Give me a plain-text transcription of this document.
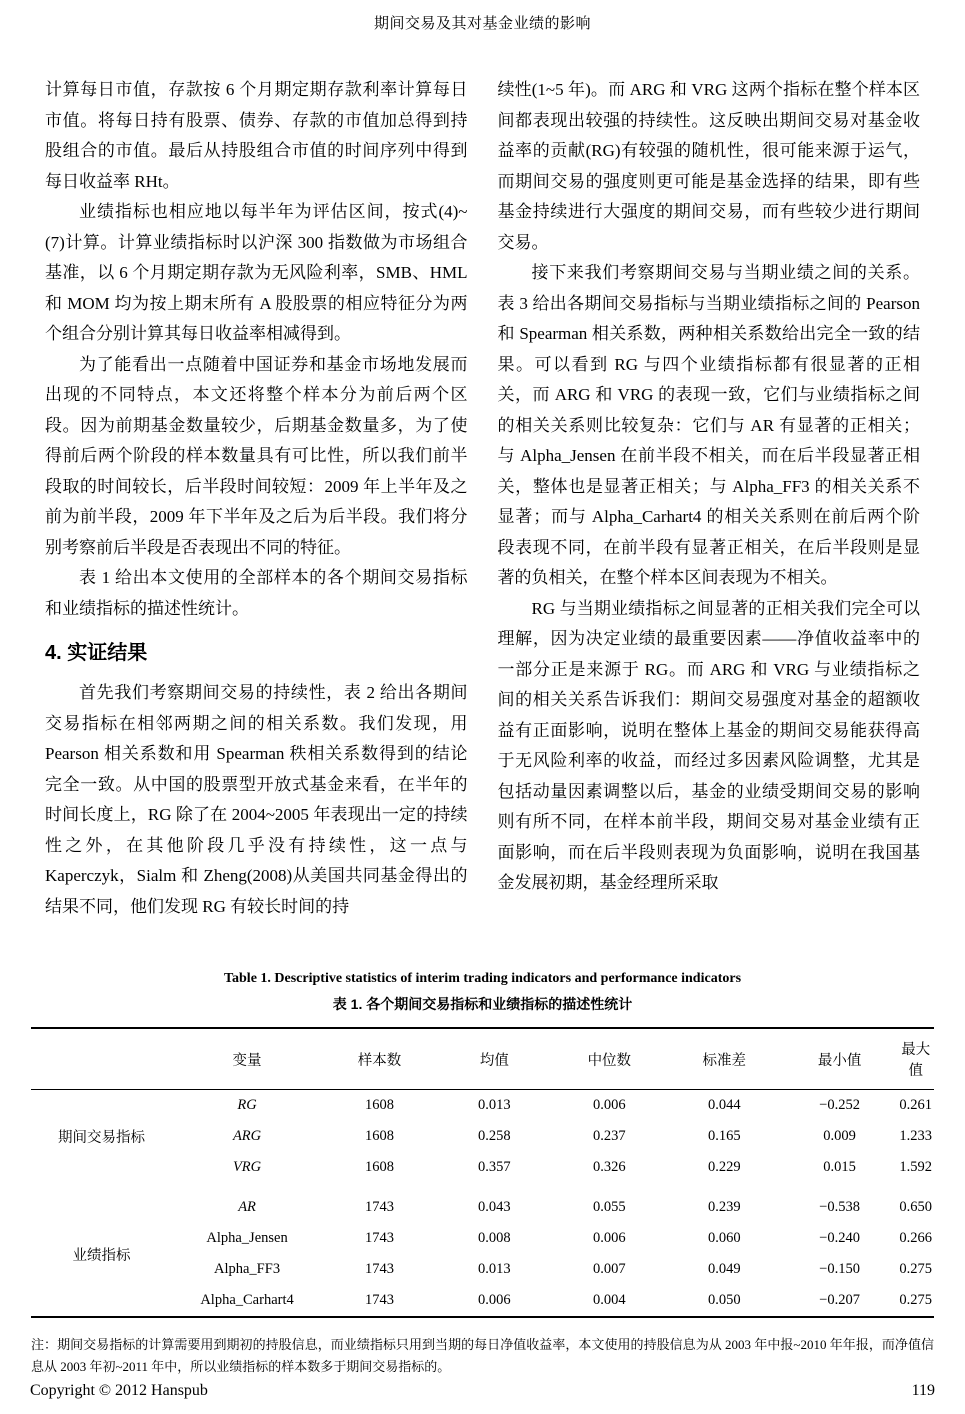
期间交易及其对基金业绩的影响

计算每日市值，存款按 6 个月期定期存款利率计算每日市值。将每日持有股票、债券、存款的市值加总得到持股组合的市值。最后从持股组合市值的时间序列中得到每日收益率 RHt。

业绩指标也相应地以每半年为评估区间，按式(4)~(7)计算。计算业绩指标时以沪深 300 指数做为市场组合基准，以 6 个月期定期存款为无风险利率，SMB、HML 和 MOM 均为按上期末所有 A 股股票的相应特征分为两个组合分别计算其每日收益率相减得到。

为了能看出一点随着中国证券和基金市场地发展而出现的不同特点，本文还将整个样本分为前后两个区段。因为前期基金数量较少，后期基金数量多，为了使得前后两个阶段的样本数量具有可比性，所以我们前半段取的时间较长，后半段时间较短：2009 年上半年及之前为前半段，2009 年下半年及之后为后半段。我们将分别考察前后半段是否表现出不同的特征。

表 1 给出本文使用的全部样本的各个期间交易指标和业绩指标的描述性统计。

4. 实证结果

首先我们考察期间交易的持续性，表 2 给出各期间交易指标在相邻两期之间的相关系数。我们发现，用 Pearson 相关系数和用 Spearman 秩相关系数得到的结论完全一致。从中国的股票型开放式基金来看，在半年的时间长度上，RG 除了在 2004~2005 年表现出一定的持续性之外，在其他阶段几乎没有持续性，这一点与 Kaperczyk，Sialm 和 Zheng(2008)从美国共同基金得出的结果不同，他们发现 RG 有较长时间的持

续性(1~5 年)。而 ARG 和 VRG 这两个指标在整个样本区间都表现出较强的持续性。这反映出期间交易对基金收益率的贡献(RG)有较强的随机性，很可能来源于运气，而期间交易的强度则更可能是基金选择的结果，即有些基金持续进行大强度的期间交易，而有些较少进行期间交易。

接下来我们考察期间交易与当期业绩之间的关系。表 3 给出各期间交易指标与当期业绩指标之间的 Pearson 和 Spearman 相关系数，两种相关系数给出完全一致的结果。可以看到 RG 与四个业绩指标都有很显著的正相关，而 ARG 和 VRG 的表现一致，它们与业绩指标之间的相关关系则比较复杂：它们与 AR 有显著的正相关；与 Alpha_Jensen 在前半段不相关，而在后半段显著正相关，整体也是显著正相关；与 Alpha_FF3 的相关关系不显著；而与 Alpha_Carhart4 的相关关系则在前后两个阶段表现不同，在前半段有显著正相关，在后半段则是显著的负相关，在整个样本区间表现为不相关。

RG 与当期业绩指标之间显著的正相关我们完全可以理解，因为决定业绩的最重要因素——净值收益率中的一部分正是来源于 RG。而 ARG 和 VRG 与业绩指标之间的相关关系告诉我们：期间交易强度对基金的超额收益有正面影响，说明在整体上基金的期间交易能获得高于无风险利率的收益，而经过多因素风险调整，尤其是包括动量因素调整以后，基金的业绩受期间交易的影响则有所不同，在样本前半段，期间交易对基金业绩有正面影响，而在后半段则表现为负面影响，说明在我国基金发展初期，基金经理所采取

Table 1. Descriptive statistics of interim trading indicators and performance indicators
表 1. 各个期间交易指标和业绩指标的描述性统计
	变量	样本数	均值	中位数	标准差	最小值	最大值
期间交易指标	RG	1608	0.013	0.006	0.044	−0.252	0.261
	ARG	1608	0.258	0.237	0.165	0.009	1.233
	VRG	1608	0.357	0.326	0.229	0.015	1.592
业绩指标	AR	1743	0.043	0.055	0.239	−0.538	0.650
	Alpha_Jensen	1743	0.008	0.006	0.060	−0.240	0.266
	Alpha_FF3	1743	0.013	0.007	0.049	−0.150	0.275
	Alpha_Carhart4	1743	0.006	0.004	0.050	−0.207	0.275
注：期间交易指标的计算需要用到期初的持股信息，而业绩指标只用到当期的每日净值收益率，本文使用的持股信息为从 2003 年中报~2010 年年报，而净值信息从 2003 年初~2011 年中，所以业绩指标的样本数多于期间交易指标的。
Copyright © 2012 Hanspub	119
